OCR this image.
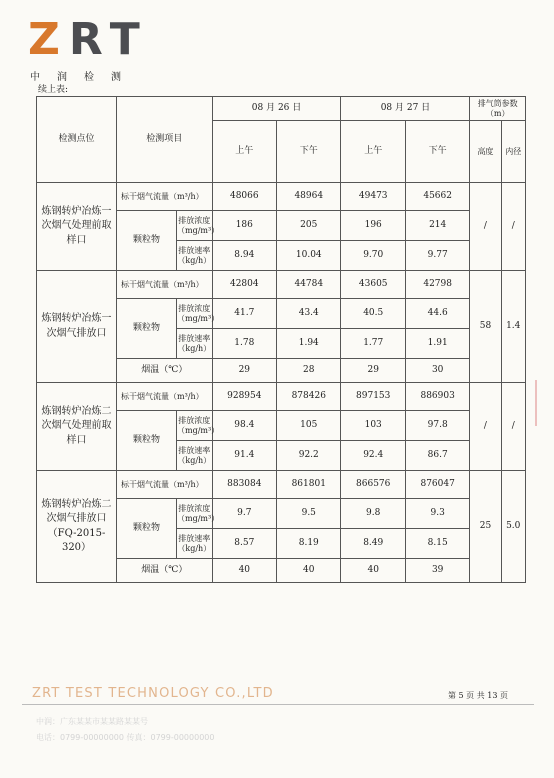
ZRT
中润检测
续上表:
检测点位	检测项目		08 月 26 日		08 月 27 日		排气筒参数（m）	
			上午	下午	上午	下午	高度	内径
炼钢转炉冶炼一次烟气处理前取样口	标干烟气流量（m³/h）		48066	48964	49473	45662	/	/
	颗粒物	排放浓度（mg/m³）	186	205	196	214		
		排放速率（kg/h）	8.94	10.04	9.70	9.77		
炼钢转炉冶炼一次烟气排放口	标干烟气流量（m³/h）		42804	44784	43605	42798	58	1.4
	颗粒物	排放浓度（mg/m³）	41.7	43.4	40.5	44.6		
		排放速率（kg/h）	1.78	1.94	1.77	1.91		
	烟温（℃）		29	28	29	30		
炼钢转炉冶炼二次烟气处理前取样口	标干烟气流量（m³/h）		928954	878426	897153	886903	/	/
	颗粒物	排放浓度（mg/m³）	98.4	105	103	97.8		
		排放速率（kg/h）	91.4	92.2	92.4	86.7		
炼钢转炉冶炼二次烟气排放口（FQ-2015-320）	标干烟气流量（m³/h）		883084	861801	866576	876047	25	5.0
	颗粒物	排放浓度（mg/m³）	9.7	9.5	9.8	9.3		
		排放速率（kg/h）	8.57	8.19	8.49	8.15		
	烟温（℃）		40	40	40	39		
ZRT TEST TECHNOLOGY CO.,LTD	第 5 页 共 13 页
中润：广东某某市某某路某某号
电话：0799-00000000 传真：0799-00000000
